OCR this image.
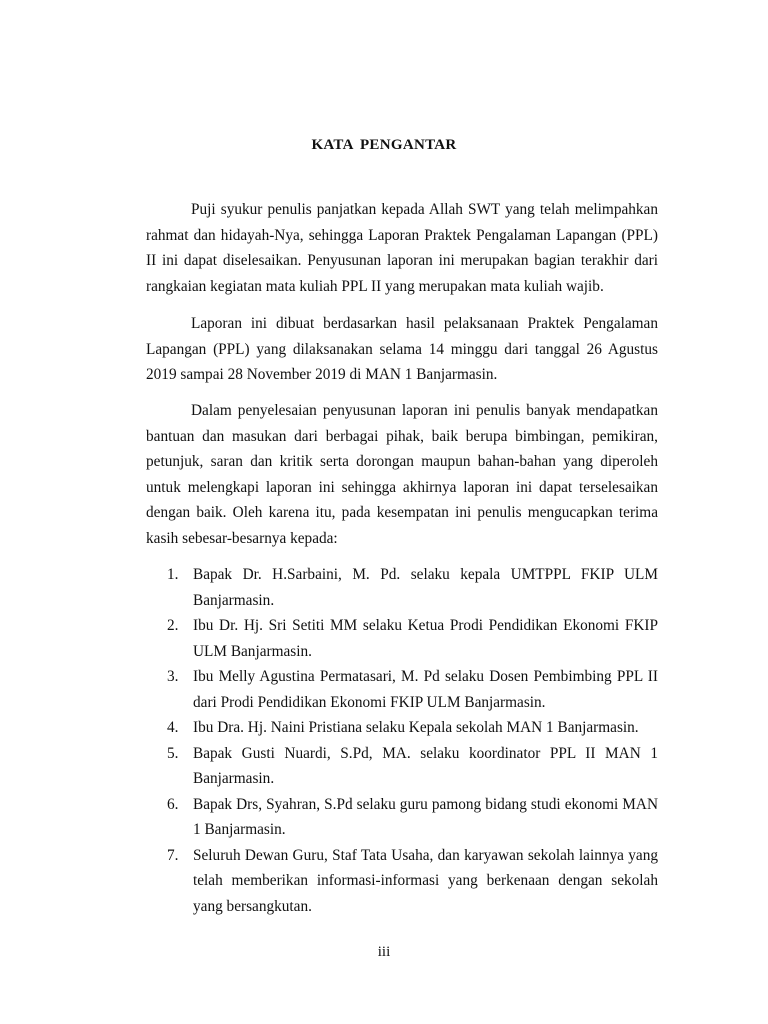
KATA PENGANTAR

Puji syukur penulis panjatkan kepada Allah SWT yang telah melimpahkan rahmat dan hidayah-Nya, sehingga Laporan Praktek Pengalaman Lapangan (PPL) II ini dapat diselesaikan. Penyusunan laporan ini merupakan bagian terakhir dari rangkaian kegiatan mata kuliah PPL II yang merupakan mata kuliah wajib.

Laporan ini dibuat berdasarkan hasil pelaksanaan Praktek Pengalaman Lapangan (PPL) yang dilaksanakan selama 14 minggu dari tanggal 26 Agustus 2019 sampai 28 November 2019 di MAN 1 Banjarmasin.

Dalam penyelesaian penyusunan laporan ini penulis banyak mendapatkan bantuan dan masukan dari berbagai pihak, baik berupa bimbingan, pemikiran, petunjuk, saran dan kritik serta dorongan maupun bahan-bahan yang diperoleh untuk melengkapi laporan ini sehingga akhirnya laporan ini dapat terselesaikan dengan baik. Oleh karena itu, pada kesempatan ini penulis mengucapkan terima kasih sebesar-besarnya kepada:

1. Bapak Dr. H.Sarbaini, M. Pd. selaku kepala UMTPPL FKIP ULM Banjarmasin.
2. Ibu Dr. Hj. Sri Setiti MM selaku Ketua Prodi Pendidikan Ekonomi FKIP ULM Banjarmasin.
3. Ibu Melly Agustina Permatasari, M. Pd selaku Dosen Pembimbing PPL II dari Prodi Pendidikan Ekonomi FKIP ULM Banjarmasin.
4. Ibu Dra. Hj. Naini Pristiana selaku Kepala sekolah MAN 1 Banjarmasin.
5. Bapak Gusti Nuardi, S.Pd, MA. selaku koordinator PPL II MAN 1 Banjarmasin.
6. Bapak Drs, Syahran, S.Pd selaku guru pamong bidang studi ekonomi MAN 1 Banjarmasin.
7. Seluruh Dewan Guru, Staf Tata Usaha, dan karyawan sekolah lainnya yang telah memberikan informasi-informasi yang berkenaan dengan sekolah yang bersangkutan.
iii
